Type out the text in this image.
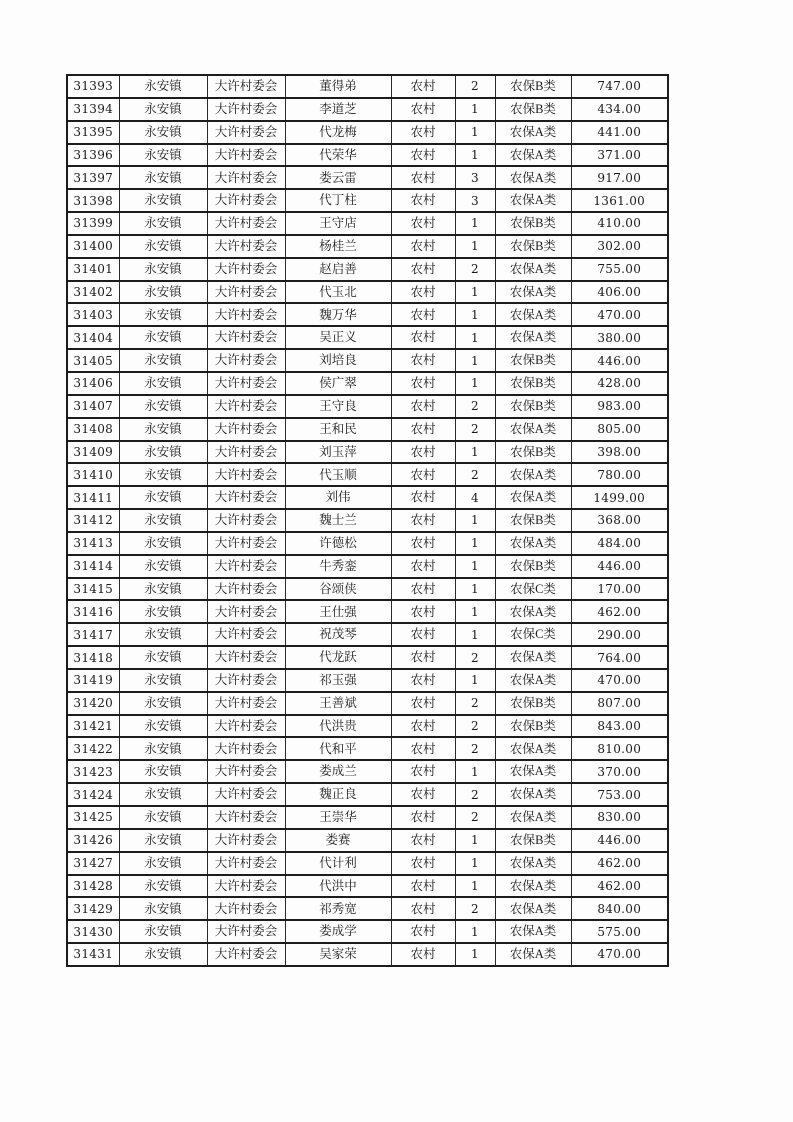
31393	永安镇	大许村委会	董得弟	农村	2	农保B类	747.00
31394	永安镇	大许村委会	李道芝	农村	1	农保B类	434.00
31395	永安镇	大许村委会	代龙梅	农村	1	农保A类	441.00
31396	永安镇	大许村委会	代荣华	农村	1	农保A类	371.00
31397	永安镇	大许村委会	娄云雷	农村	3	农保A类	917.00
31398	永安镇	大许村委会	代丁柱	农村	3	农保A类	1361.00
31399	永安镇	大许村委会	王守店	农村	1	农保B类	410.00
31400	永安镇	大许村委会	杨桂兰	农村	1	农保B类	302.00
31401	永安镇	大许村委会	赵启善	农村	2	农保A类	755.00
31402	永安镇	大许村委会	代玉北	农村	1	农保A类	406.00
31403	永安镇	大许村委会	魏万华	农村	1	农保A类	470.00
31404	永安镇	大许村委会	吴正义	农村	1	农保A类	380.00
31405	永安镇	大许村委会	刘培良	农村	1	农保B类	446.00
31406	永安镇	大许村委会	侯广翠	农村	1	农保B类	428.00
31407	永安镇	大许村委会	王守良	农村	2	农保B类	983.00
31408	永安镇	大许村委会	王和民	农村	2	农保A类	805.00
31409	永安镇	大许村委会	刘玉萍	农村	1	农保B类	398.00
31410	永安镇	大许村委会	代玉顺	农村	2	农保A类	780.00
31411	永安镇	大许村委会	刘伟	农村	4	农保A类	1499.00
31412	永安镇	大许村委会	魏士兰	农村	1	农保B类	368.00
31413	永安镇	大许村委会	许德松	农村	1	农保A类	484.00
31414	永安镇	大许村委会	牛秀銮	农村	1	农保B类	446.00
31415	永安镇	大许村委会	谷颂侠	农村	1	农保C类	170.00
31416	永安镇	大许村委会	王仕强	农村	1	农保A类	462.00
31417	永安镇	大许村委会	祝茂琴	农村	1	农保C类	290.00
31418	永安镇	大许村委会	代龙跃	农村	2	农保A类	764.00
31419	永安镇	大许村委会	祁玉强	农村	1	农保A类	470.00
31420	永安镇	大许村委会	王善斌	农村	2	农保B类	807.00
31421	永安镇	大许村委会	代洪贵	农村	2	农保B类	843.00
31422	永安镇	大许村委会	代和平	农村	2	农保A类	810.00
31423	永安镇	大许村委会	娄成兰	农村	1	农保A类	370.00
31424	永安镇	大许村委会	魏正良	农村	2	农保A类	753.00
31425	永安镇	大许村委会	王崇华	农村	2	农保A类	830.00
31426	永安镇	大许村委会	娄赛	农村	1	农保B类	446.00
31427	永安镇	大许村委会	代计利	农村	1	农保A类	462.00
31428	永安镇	大许村委会	代洪中	农村	1	农保A类	462.00
31429	永安镇	大许村委会	祁秀宽	农村	2	农保A类	840.00
31430	永安镇	大许村委会	娄成学	农村	1	农保A类	575.00
31431	永安镇	大许村委会	吴家荣	农村	1	农保A类	470.00
